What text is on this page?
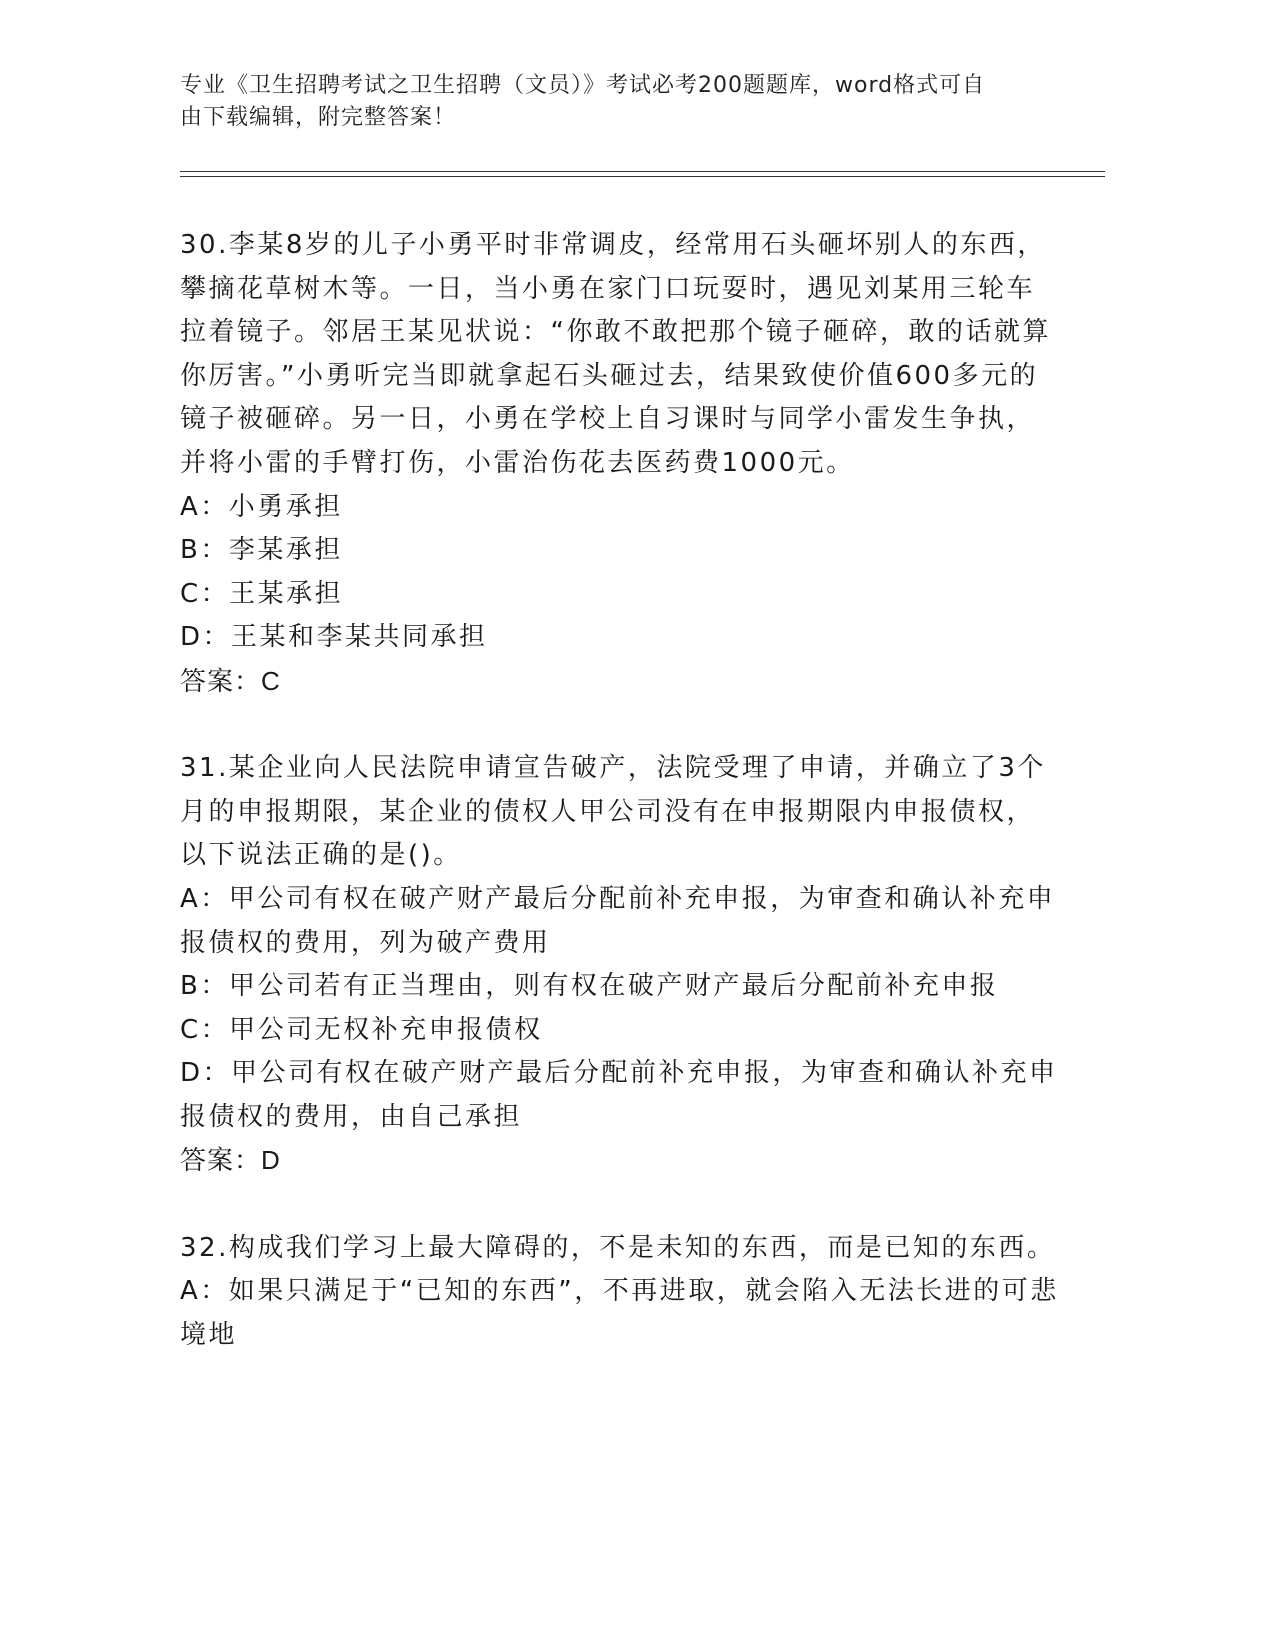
专业《卫生招聘考试之卫生招聘（文员）》考试必考200题题库，word格式可自
由下载编辑，附完整答案！

30.李某8岁的儿子小勇平时非常调皮，经常用石头砸坏别人的东西，攀摘花草树木等。一日，当小勇在家门口玩耍时，遇见刘某用三轮车拉着镜子。邻居王某见状说：“你敢不敢把那个镜子砸碎，敢的话就算你厉害。”小勇听完当即就拿起石头砸过去，结果致使价值600多元的镜子被砸碎。另一日，小勇在学校上自习课时与同学小雷发生争执，并将小雷的手臂打伤，小雷治伤花去医药费1000元。

A：小勇承担

B：李某承担

C：王某承担

D：王某和李某共同承担

答案：C

31.某企业向人民法院申请宣告破产，法院受理了申请，并确立了3个月的申报期限，某企业的债权人甲公司没有在申报期限内申报债权，以下说法正确的是()。

A：甲公司有权在破产财产最后分配前补充申报，为审查和确认补充申报债权的费用，列为破产费用

B：甲公司若有正当理由，则有权在破产财产最后分配前补充申报

C：甲公司无权补充申报债权

D：甲公司有权在破产财产最后分配前补充申报，为审查和确认补充申报债权的费用，由自己承担

答案：D

32.构成我们学习上最大障碍的，不是未知的东西，而是已知的东西。

A：如果只满足于“已知的东西”，不再进取，就会陷入无法长进的可悲境地
